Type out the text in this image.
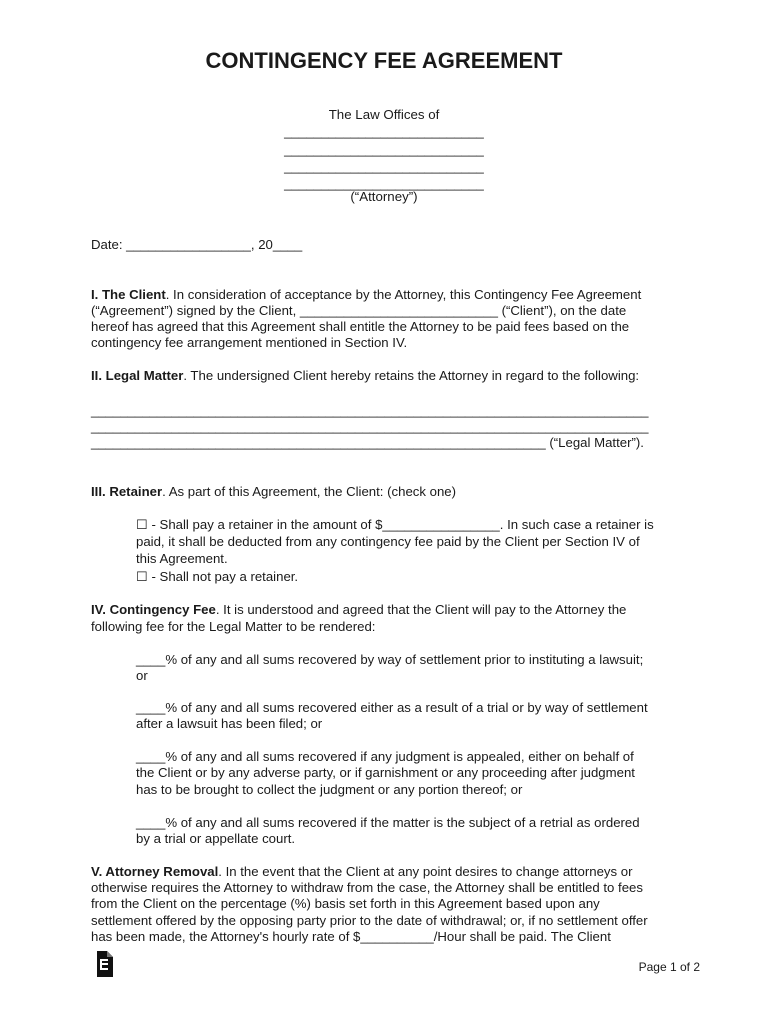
CONTINGENCY FEE AGREEMENT
The Law Offices of
___________________________
___________________________
___________________________
___________________________
(“Attorney”)
Date: _________________, 20____
I. The Client. In consideration of acceptance by the Attorney, this Contingency Fee Agreement
(“Agreement”) signed by the Client, ___________________________ (“Client”), on the date
hereof has agreed that this Agreement shall entitle the Attorney to be paid fees based on the
contingency fee arrangement mentioned in Section IV.
II. Legal Matter. The undersigned Client hereby retains the Attorney in regard to the following:
____________________________________________________________________________
____________________________________________________________________________
______________________________________________________________ (“Legal Matter”).
III. Retainer. As part of this Agreement, the Client: (check one)
☐ - Shall pay a retainer in the amount of $________________. In such case a retainer is
paid, it shall be deducted from any contingency fee paid by the Client per Section IV of
this Agreement.
☐ - Shall not pay a retainer.
IV. Contingency Fee. It is understood and agreed that the Client will pay to the Attorney the
following fee for the Legal Matter to be rendered:
____% of any and all sums recovered by way of settlement prior to instituting a lawsuit;
or
____% of any and all sums recovered either as a result of a trial or by way of settlement
after a lawsuit has been filed; or
____% of any and all sums recovered if any judgment is appealed, either on behalf of
the Client or by any adverse party, or if garnishment or any proceeding after judgment
has to be brought to collect the judgment or any portion thereof; or
____% of any and all sums recovered if the matter is the subject of a retrial as ordered
by a trial or appellate court.
V. Attorney Removal. In the event that the Client at any point desires to change attorneys or
otherwise requires the Attorney to withdraw from the case, the Attorney shall be entitled to fees
from the Client on the percentage (%) basis set forth in this Agreement based upon any
settlement offered by the opposing party prior to the date of withdrawal; or, if no settlement offer
has been made, the Attorney's hourly rate of $__________/Hour shall be paid. The Client
Page 1 of 2
